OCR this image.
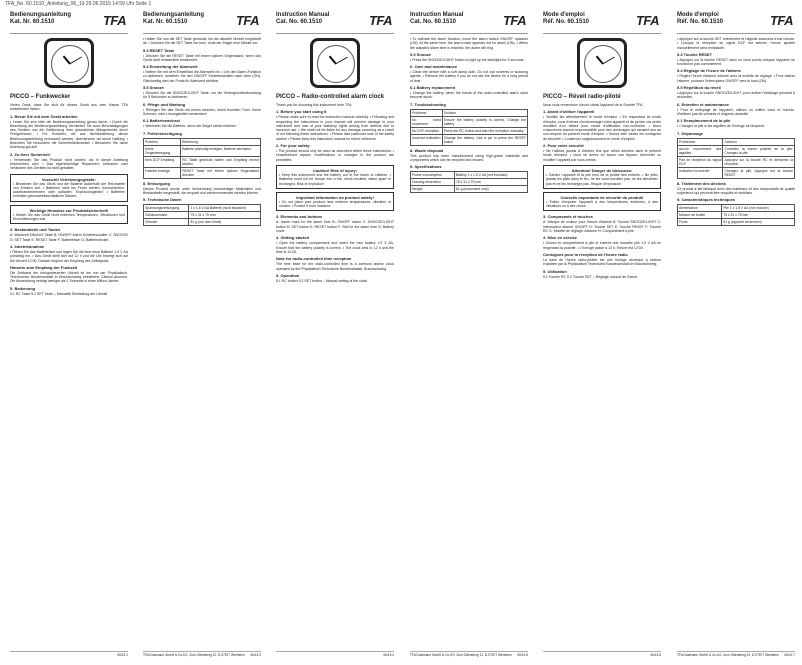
TFA_No. 60.1510_Anleitung_06_19 29.06.2015 14:59 Uhr Seite 1
Bedienungsanleitung
Kat. Nr. 60.1510	TFA
PICCO – Funkwecker

Vielen Dank, dass Sie sich für dieses Gerät aus dem Hause TFA entschieden haben.

1. Bevor Sie mit dem Gerät arbeiten

• Lesen Sie sich bitte die Bedienungsanleitung genau durch. • Durch die Beachtung der Bedienungsanleitung vermeiden Sie auch Beschädigungen des Gerätes und die Gefährdung Ihrer gesetzlichen Mängelrechte durch Fehlgebrauch. • Für Schäden, die aus Nichtbeachtung dieser Bedienungsanleitung verursacht werden, übernehmen wir keine Haftung. • Beachten Sie besonders die Sicherheitshinweise! • Bewahren Sie diese Anleitung gut auf!

2. Zu Ihrer Sicherheit

• Verwenden Sie das Produkt nicht anders, als in dieser Anleitung beschrieben wird. • Das eigenmächtige Reparieren, Umbauen oder Verändern des Gerätes ist nicht gestattet.

Vorsicht! Verletzungsgefahr:
• Bewahren Sie das Gerät und die Batterie außerhalb der Reichweite von Kindern auf. • Batterien nicht ins Feuer werfen, kurzschließen, auseinandernehmen oder aufladen. Explosionsgefahr! • Batterien enthalten gesundheitsschädliche Säuren.
Wichtige Hinweise zur Produktsicherheit!
• Setzen Sie das Gerät nicht extremen Temperaturen, Vibrationen und Erschütterungen aus.
3. Bestandteile und Tasten

A: Weckzeit EIN/AUS Taste B: ON/OFF Alarm Schiebeschalter C: SNOOZE D: SET Taste E: RESET Taste F: Batteriefach G: Batteriedeckel

4. Inbetriebnahme

• Öffnen Sie das Batteriefach und legen Sie die eine neue Batterie 1,5 V AA polrichtig ein. • Das Gerät stellt sich auf 12 h und die Uhr bewegt sich auf die Uhrzeit 12:00. Danach beginnt der Empfang des Zeitsignals.

Hinweis zum Empfang der Funkzeit

Die Zeitbasis der funkgesteuerten Uhrzeit ist die von der Physikalisch-Technischen Bundesanstalt in Braunschweig betriebene Cäsium-Atomuhr. Die Abweichung beträgt weniger als 1 Sekunde in einer Million Jahren.

5. Bedienung

5.1 RC Taste 5.2 SET Taste – Manuelle Einstellung der Uhrzeit

06/15 1
Bedienungsanleitung
Kat. Nr. 60.1510	TFA

• Halten Sie nun die SET Taste gedrückt, bis die aktuelle Uhrzeit eingestellt ist. • Drücken Sie die SET Taste nur kurz, rückt der Zeiger eine Minute vor.

5.3 RESET Taste

• Drücken Sie die RESET Taste mit einem spitzen Gegenstand, wenn das Gerät nicht einwandfrei funktioniert.

5.4 Einstellung der Alarmzeit

• Stellen Sie mit dem Einstellrad die Alarmzeit ein. • Um den Alarm-Funktion zu aktivieren, schieben Sie den ON/OFF Schiebeschalter nach oben (ON). Gleichzeitig wird der Punkt für Alarmzeit sichtbar.

5.5 Snooze

• Drücken Sie die SNOOZE/LIGHT Taste, um die Hintergrundbeleuchtung für 5 Sekunden zu aktivieren.

6. Pflege und Wartung

• Reinigen Sie das Gerät mit einem weichen, leicht feuchten Tuch. Keine Scheuer- oder Lösungsmittel verwenden!

6.1 Batteriewechsel

• Wechseln Sie die Batterie, wenn die Zeiger stehen bleiben.

7. Fehlerbeseitigung
Problem	Behebung
Keine Zeigerbewegung	Batterie polrichtig einlegen, Batterie wechseln
Kein DCF Empfang	RC Taste gedrückt halten und Empfang erneut starten
Falsche Anzeige	RESET Taste mit einem spitzen Gegenstand drücken
8. Entsorgung

Dieses Produkt wurde unter Verwendung hochwertiger Materialien und Bestandteile hergestellt, die recycelt und wiederverwendet werden können.

9. Technische Daten
Spannungsversorgung	1 x 1,5 V AA Batterie (nicht inklusive)
Gehäusemaße	75 x 31 x 75 mm
Gewicht	81 g (nur das Gerät)
TFA Dostmann GmbH & Co.KG, Zum Ottersberg 12, D-97877 Wertheim 06/15 2
Instruction Manual
Cat. No. 60.1510	TFA
PICCO – Radio-controlled alarm clock

Thank you for choosing this instrument from TFA.

1. Before you start using it

• Please make sure to read the instruction manual carefully. • Following and respecting the instructions in your manual will prevent damage to your instrument and loss of your statutory rights arising from defects due to incorrect use. • We shall not be liable for any damage occurring as a result of not following these instructions. • Please take particular note of the safety advice! • Please keep this instruction manual for future reference.

2. For your safety:

• The product should only be used as described within these instructions. • Unauthorised repairs, modifications or changes to the product are prohibited.

Caution! Risk of injury:
• Keep this instrument and the battery out of the reach of children. • Batteries must not be thrown into a fire, short-circuited, taken apart or recharged. Risk of explosion!
Important information on product safety!
• Do not place your product near extreme temperatures, vibration or shocks. • Protect it from moisture.
3. Elements and buttons

A: Alarm mark for the alarm time B: ON/OFF alarm C: SNOOZE/LIGHT button D: SET button E: RESET button F: Slot for the alarm time G: Battery cover

4. Getting started

• Open the battery compartment and insert the new battery 1.5 V AA. Ensure that the battery polarity is correct. • The clock sets to 12 h and the time to 12:00.

Note for radio-controlled time reception

The time base for the radio-controlled time is a caesium atomic clock operated by the Physikalisch Technische Bundesanstalt, Braunschweig.

5. Operation

5.1 RC button 5.2 SET button – Manual setting of the clock

06/15 4
Instruction Manual
Cat. No. 60.1510	TFA

• To activate the alarm function, move the alarm switch ON/OFF upwards (ON). At the same time, the alarm mark appears red for alarm (ON). • When the adjusted alarm time is reached, the alarm will ring.

5.5 Snooze

• Press the SNOOZE/LIGHT button to light up the backlight for 5 seconds.

6. Care and maintenance

• Clean the device with a soft damp cloth. Do not use solvents or scouring agents. • Remove the battery if you do not use the device for a long period of time.

6.1 Battery replacement

• Change the battery, when the hands of the radio-controlled alarm clock become stuck.

7. Troubleshooting
Problems	Solution
No hand movement	Ensure the battery polarity is correct, Change the battery
No DCF reception	Press the RC button and start the reception manually
Incorrect indication	Change the battery, Use a pin to press the RESET button
8. Waste disposal

This product has been manufactured using high-grade materials and components which can be recycled and reused.

9. Specifications
Power consumption	Battery 1 x 1.5 V AA (not included)
Housing dimension	75 x 31 x 75 mm
Weight	81 g (instrument only)
TFA Dostmann GmbH & Co.KG, Zum Ottersberg 12, D-97877 Wertheim 06/15 5
Mode d'emploi
Réf. No. 60.1510	TFA
PICCO – Réveil radio-piloté

Nous vous remercions d'avoir choisi l'appareil de la Société TFA.

1. Avant d'utiliser l'appareil

• Veuillez lire attentivement le mode d'emploi. • En respectant ce mode d'emploi, vous éviterez d'endommager votre appareil et de perdre vos droits résultant d'un défaut pour cause d'utilisation non-conforme. • Nous n'assumons aucune responsabilité pour des dommages qui seraient dus au non-respect du présent mode d'emploi. • Suivez bien toutes les consignes de sécurité! • Conservez soigneusement ce mode d'emploi!

2. Pour votre sécurité

• Ne l'utilisez jamais à d'autres fins que celles décrites dans le présent mode d'emploi. • Vous ne devez en aucun cas réparer, démonter ou modifier l'appareil par vous-même.

Attention! Danger de blessures:
• Gardez l'appareil et la pile hors de la portée des enfants. • Ne jetez jamais les piles dans le feu, ne les court-circuitez pas, ne les démontez pas et ne les rechargez pas. Risque d'explosion!
Conseils importants de sécurité du produit!
• Évitez d'exposer l'appareil à des températures extrêmes, à des vibrations ou à des chocs.
3. Composants et touches

A: Marque de couleur pour l'heure d'alarme B: Touche SNOOZE/LIGHT C: Interrupteur alarme ON/OFF D: Touche SET E: Touche RESET F: Touche RC G: Molette de réglage d'alarme H: Compartiment à pile

4. Mise en service

• Ouvrez le compartiment à pile et insérez une nouvelle pile 1,5 V AA en respectant la polarité. • L'horloge passe à 12 h, l'heure est 12:00.

Consignes pour la réception de l'heure radio

La base de l'heure radio-pilotée est une horloge atomique à césium exploitée par la Physikalisch Technische Bundesanstalt de Braunschweig.

5. Utilisation

5.1 Touche RC 5.2 Touche SET – Réglage manuel de l'heure

06/15 6
Mode d'emploi
Réf. No. 60.1510	TFA

• Appuyez sur la touche SET brièvement et l'aiguille avancera d'une minute. • Lorsque la réception du signal DCF est activée, l'heure ajustée manuellement sera remplacée.

5.3 Touche RESET

• Appuyez sur la touche RESET dans un cône pointu lorsque l'appareil ne fonctionne pas correctement.

5.4 Réglage de l'heure de l'alarme

• Réglez l'heure d'alarme désirée avec la molette de réglage. • Pour activer l'alarme, poussez l'interrupteur ON/OFF vers le haut (ON).

5.5 Répétition du réveil

• Appuyez sur la touche SNOOZE/LIGHT, pour activer l'éclairage pendant 5 secondes.

6. Entretien et maintenance

• Pour le nettoyage de l'appareil, utilisez un chiffon doux et humide. N'utilisez pas de solvants ni d'agents abrasifs!

6.1 Remplacement de la pile

• Changez la pile si les aiguilles de l'horloge se bloquent.

7. Dépannage
Problèmes	Solution
Aucun mouvement des aiguilles	Contrôlez la bonne polarité de la pile, Changez la pile
Pas de réception du signal DCF	Appuyez sur la touche RC et démarrez la réception
Indication incorrecte	Changez la pile, Appuyez sur la touche RESET
8. Traitement des déchets

Ce produit a été fabriqué avec des matériaux et des composants de qualité supérieure qui peuvent être recyclés et réutilisés.

9. Caractéristiques techniques
Alimentation	Pile 1 x 1,5 V AA (non incluse)
Mesure de boîtier	75 x 31 x 75 mm
Poids	81 g (appareil seulement)
TFA Dostmann GmbH & Co.KG, Zum Ottersberg 12, D-97877 Wertheim 06/15 7
